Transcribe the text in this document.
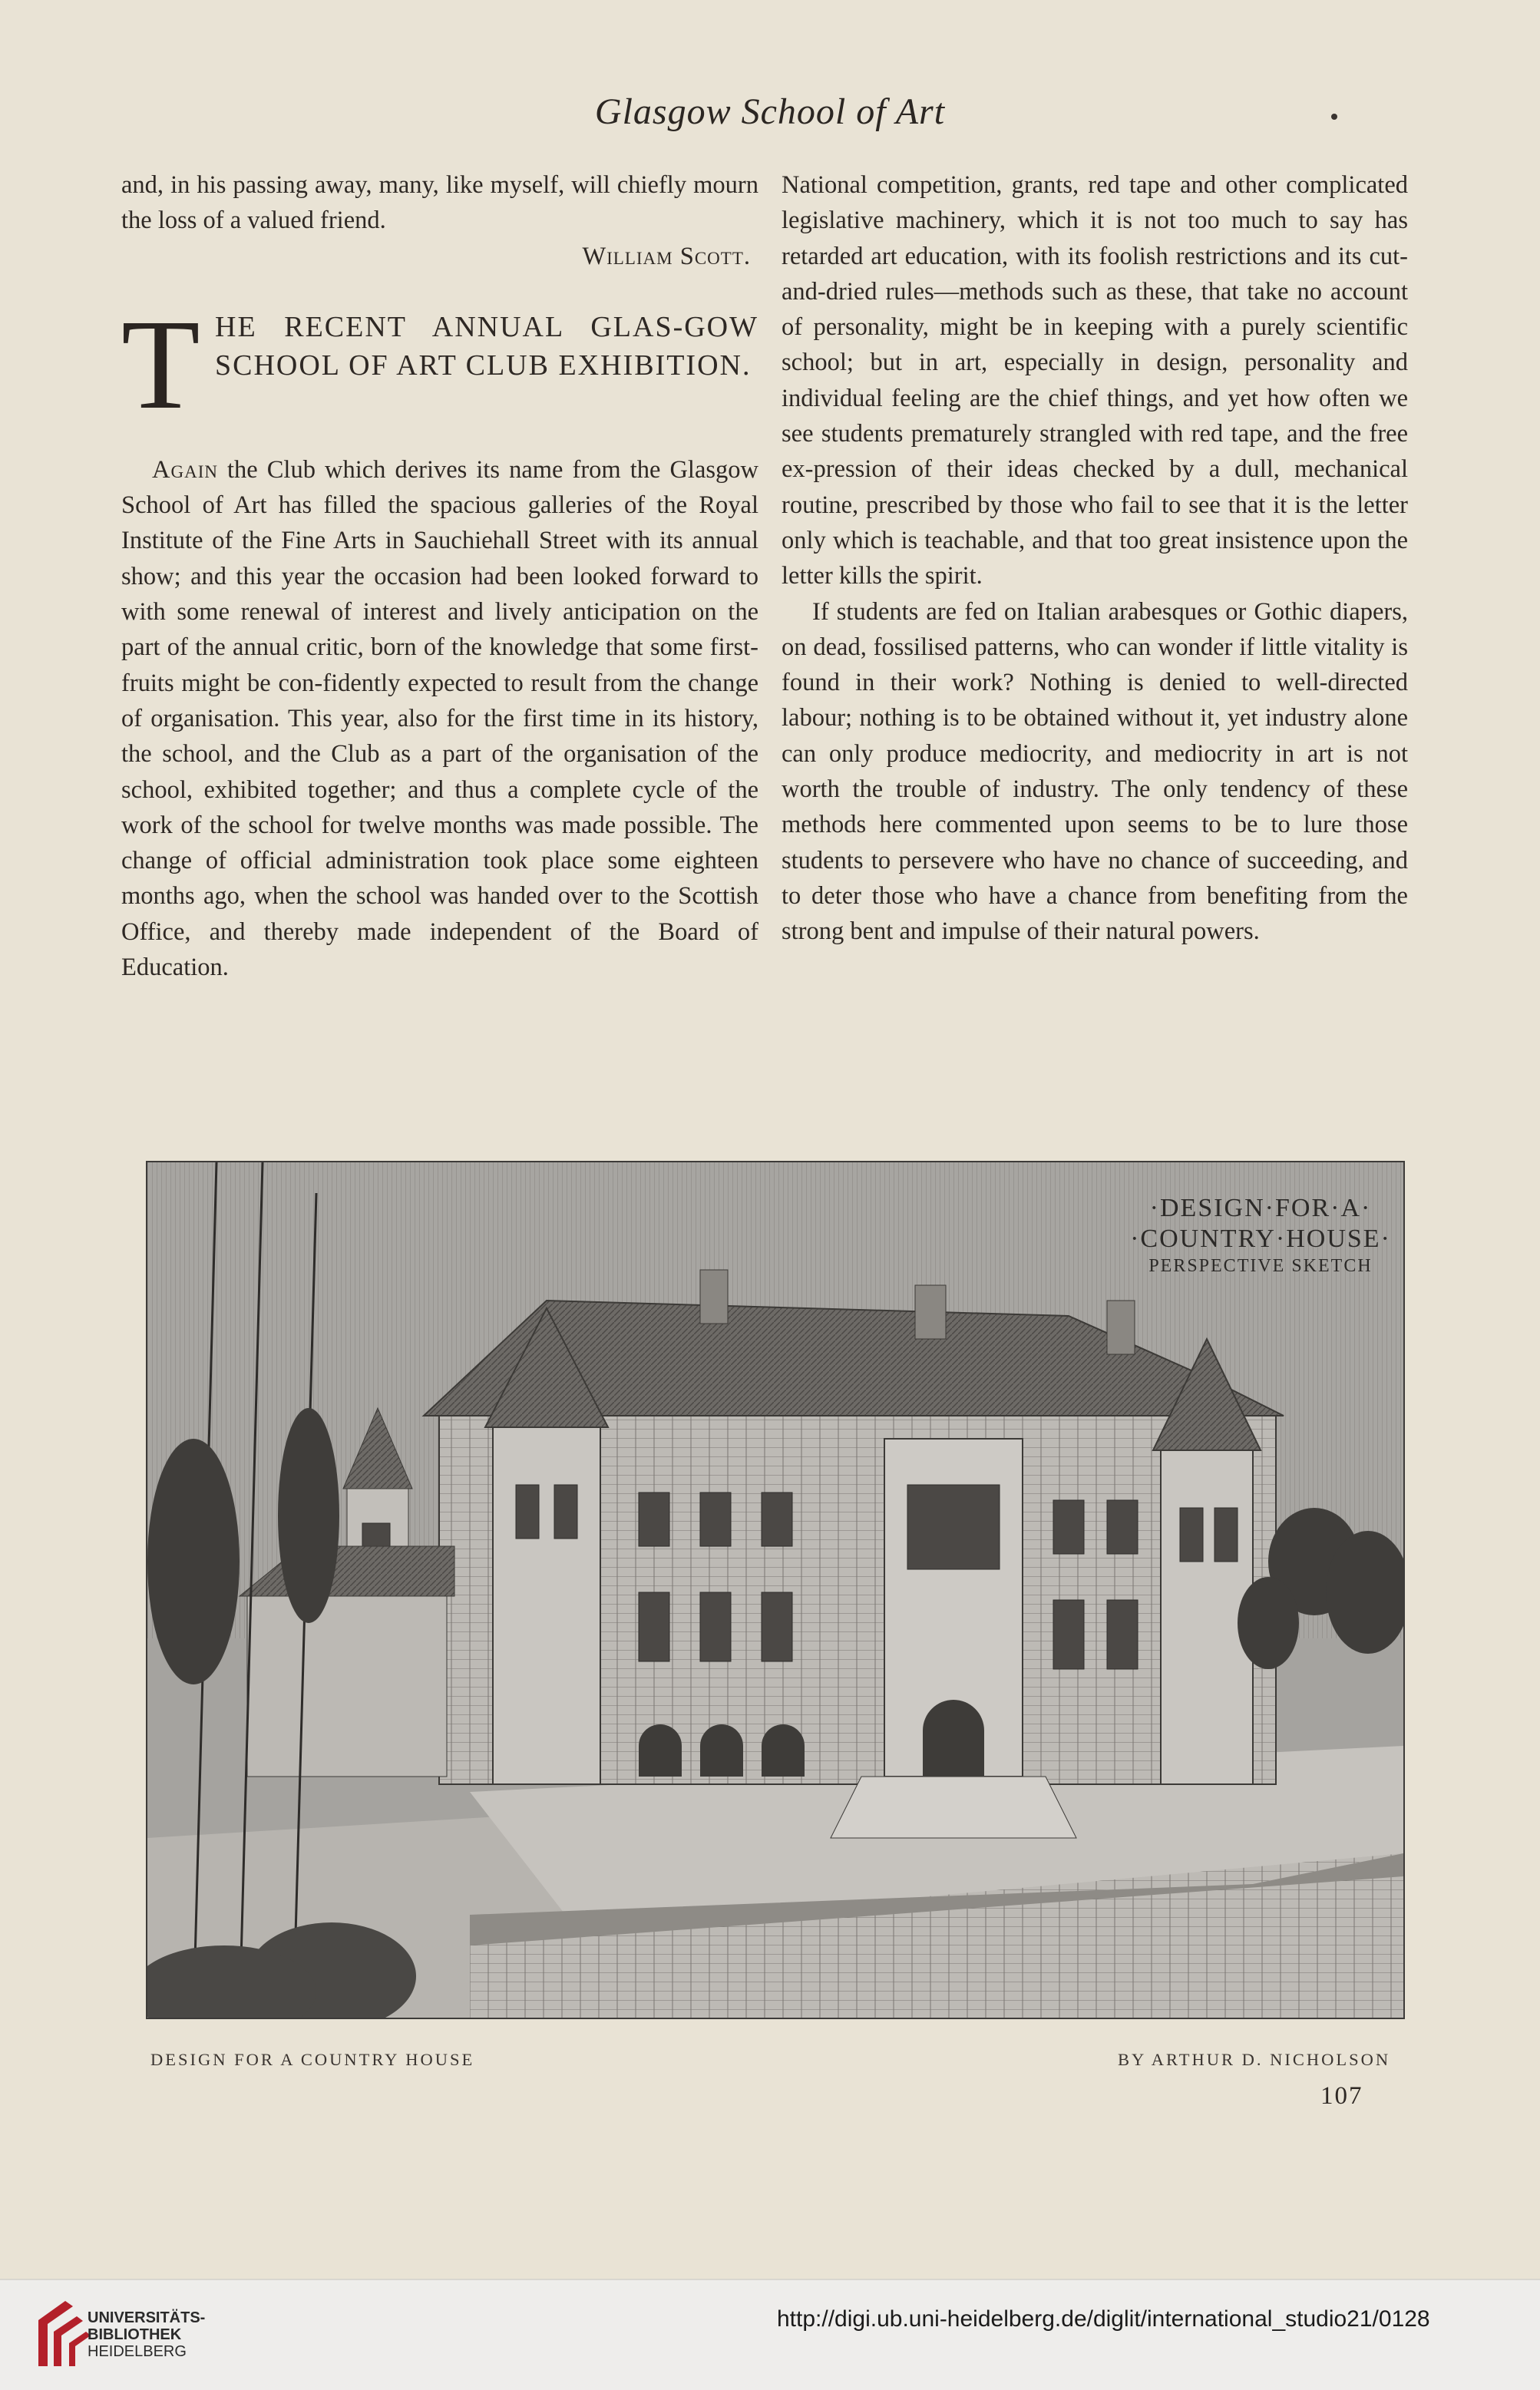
Glasgow School of Art

and, in his passing away, many, like myself, will chiefly mourn the loss of a valued friend.

William Scott.

T HE RECENT ANNUAL GLAS-GOW SCHOOL OF ART CLUB EXHIBITION.

Again the Club which derives its name from the Glasgow School of Art has filled the spacious galleries of the Royal Institute of the Fine Arts in Sauchiehall Street with its annual show; and this year the occasion had been looked forward to with some renewal of interest and lively anticipation on the part of the annual critic, born of the knowledge that some first-fruits might be con-fidently expected to result from the change of organisation. This year, also for the first time in its history, the school, and the Club as a part of the organisation of the school, exhibited together; and thus a complete cycle of the work of the school for twelve months was made possible. The change of official administration took place some eighteen months ago, when the school was handed over to the Scottish Office, and thereby made independent of the Board of Education.

National competition, grants, red tape and other complicated legislative machinery, which it is not too much to say has retarded art education, with its foolish restrictions and its cut-and-dried rules—methods such as these, that take no account of personality, might be in keeping with a purely scientific school; but in art, especially in design, personality and individual feeling are the chief things, and yet how often we see students prematurely strangled with red tape, and the free ex-pression of their ideas checked by a dull, mechanical routine, prescribed by those who fail to see that it is the letter only which is teachable, and that too great insistence upon the letter kills the spirit.

If students are fed on Italian arabesques or Gothic diapers, on dead, fossilised patterns, who can wonder if little vitality is found in their work? Nothing is denied to well-directed labour; nothing is to be obtained without it, yet industry alone can only produce mediocrity, and mediocrity in art is not worth the trouble of industry. The only tendency of these methods here commented upon seems to be to lure those students to persevere who have no chance of succeeding, and to deter those who have a chance from benefiting from the strong bent and impulse of their natural powers.

·DESIGN·FOR·A·
·COUNTRY·HOUSE·
PERSPECTIVE SKETCH
DESIGN FOR A COUNTRY HOUSE	BY ARTHUR D. NICHOLSON
107
UNIVERSITÄTS-
BIBLIOTHEK
HEIDELBERG
http://digi.ub.uni-heidelberg.de/diglit/international_studio21/0128
